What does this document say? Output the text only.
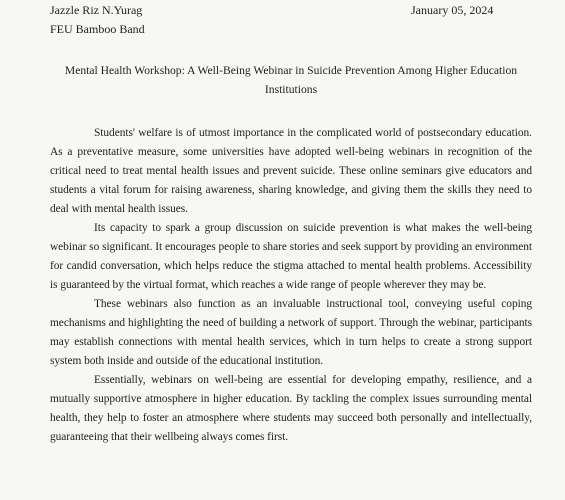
Jazzle Riz N.Yurag	January 05, 2024
FEU Bamboo Band
Mental Health Workshop: A Well-Being Webinar in Suicide Prevention Among Higher Education Institutions

Students' welfare is of utmost importance in the complicated world of postsecondary education. As a preventative measure, some universities have adopted well-being webinars in recognition of the critical need to treat mental health issues and prevent suicide. These online seminars give educators and students a vital forum for raising awareness, sharing knowledge, and giving them the skills they need to deal with mental health issues.

Its capacity to spark a group discussion on suicide prevention is what makes the well-being webinar so significant. It encourages people to share stories and seek support by providing an environment for candid conversation, which helps reduce the stigma attached to mental health problems. Accessibility is guaranteed by the virtual format, which reaches a wide range of people wherever they may be.

These webinars also function as an invaluable instructional tool, conveying useful coping mechanisms and highlighting the need of building a network of support. Through the webinar, participants may establish connections with mental health services, which in turn helps to create a strong support system both inside and outside of the educational institution.

Essentially, webinars on well-being are essential for developing empathy, resilience, and a mutually supportive atmosphere in higher education. By tackling the complex issues surrounding mental health, they help to foster an atmosphere where students may succeed both personally and intellectually, guaranteeing that their wellbeing always comes first.
